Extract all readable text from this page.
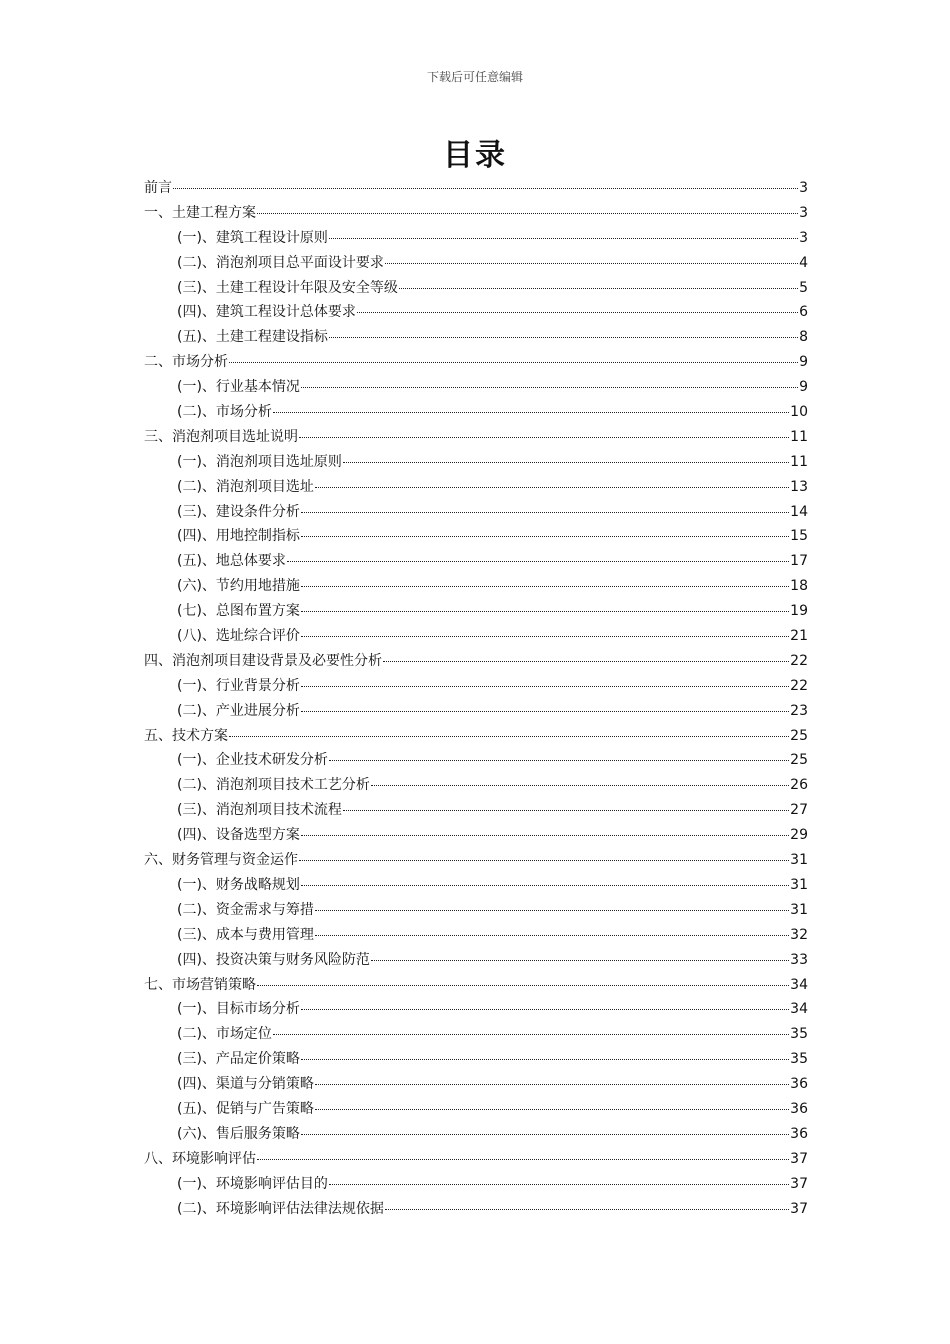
下载后可任意编辑
目录
前言	3
一、土建工程方案	3
(一)、建筑工程设计原则	3
(二)、消泡剂项目总平面设计要求	4
(三)、土建工程设计年限及安全等级	5
(四)、建筑工程设计总体要求	6
(五)、土建工程建设指标	8
二、市场分析	9
(一)、行业基本情况	9
(二)、市场分析	10
三、消泡剂项目选址说明	11
(一)、消泡剂项目选址原则	11
(二)、消泡剂项目选址	13
(三)、建设条件分析	14
(四)、用地控制指标	15
(五)、地总体要求	17
(六)、节约用地措施	18
(七)、总图布置方案	19
(八)、选址综合评价	21
四、消泡剂项目建设背景及必要性分析	22
(一)、行业背景分析	22
(二)、产业进展分析	23
五、技术方案	25
(一)、企业技术研发分析	25
(二)、消泡剂项目技术工艺分析	26
(三)、消泡剂项目技术流程	27
(四)、设备选型方案	29
六、财务管理与资金运作	31
(一)、财务战略规划	31
(二)、资金需求与筹措	31
(三)、成本与费用管理	32
(四)、投资决策与财务风险防范	33
七、市场营销策略	34
(一)、目标市场分析	34
(二)、市场定位	35
(三)、产品定价策略	35
(四)、渠道与分销策略	36
(五)、促销与广告策略	36
(六)、售后服务策略	36
八、环境影响评估	37
(一)、环境影响评估目的	37
(二)、环境影响评估法律法规依据	37
